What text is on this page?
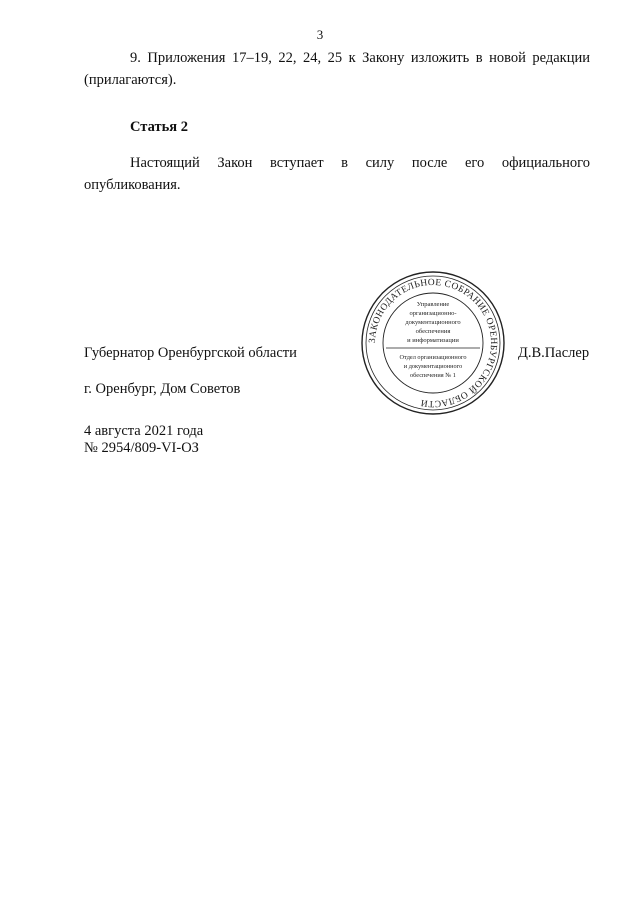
3
9. Приложения 17–19, 22, 24, 25 к Закону изложить в новой редакции (прилагаются).
Статья 2
Настоящий Закон вступает в силу после его официального опубликования.
ЗАКОНОДАТЕЛЬНОЕ СОБРАНИЕ ОРЕНБУРГСКОЙ ОБЛАСТИ
Управление
организационно-
документационного
обеспечения
и информатизации
Отдел организационного
и документационного
обеспечения № 1
Губернатор Оренбургской области	Д.В.Паслер
г. Оренбург, Дом Советов
4 августа 2021 года
№ 2954/809-VI-ОЗ
